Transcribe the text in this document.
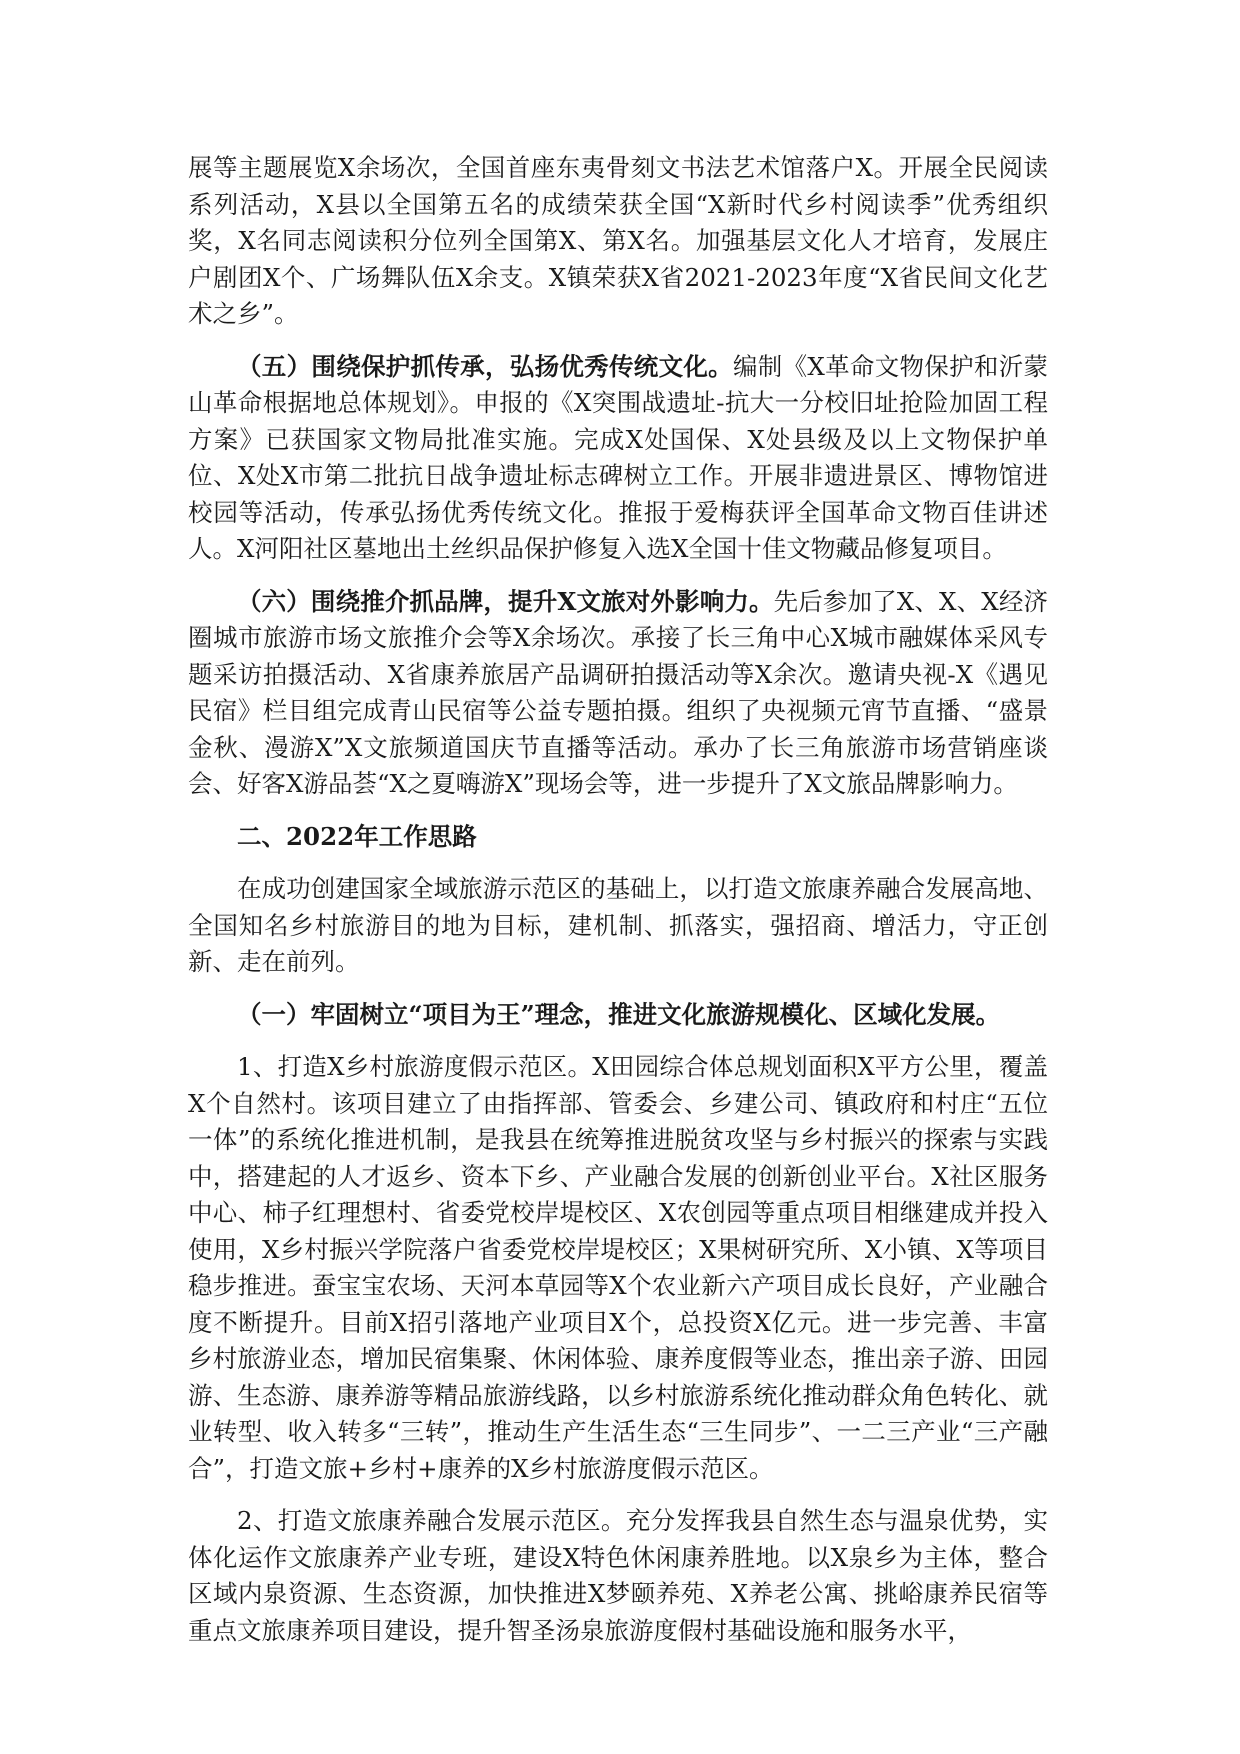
展等主题展览X余场次，全国首座东夷骨刻文书法艺术馆落户X。开展全民阅读系列活动，X县以全国第五名的成绩荣获全国“X新时代乡村阅读季”优秀组织奖，X名同志阅读积分位列全国第X、第X名。加强基层文化人才培育，发展庄户剧团X个、广场舞队伍X余支。X镇荣获X省2021-2023年度“X省民间文化艺术之乡”。

（五）围绕保护抓传承，弘扬优秀传统文化。编制《X革命文物保护和沂蒙山革命根据地总体规划》。申报的《X突围战遗址-抗大一分校旧址抢险加固工程方案》已获国家文物局批准实施。完成X处国保、X处县级及以上文物保护单位、X处X市第二批抗日战争遗址标志碑树立工作。开展非遗进景区、博物馆进校园等活动，传承弘扬优秀传统文化。推报于爱梅获评全国革命文物百佳讲述人。X河阳社区墓地出土丝织品保护修复入选X全国十佳文物藏品修复项目。

（六）围绕推介抓品牌，提升X文旅对外影响力。先后参加了X、X、X经济圈城市旅游市场文旅推介会等X余场次。承接了长三角中心X城市融媒体采风专题采访拍摄活动、X省康养旅居产品调研拍摄活动等X余次。邀请央视-X《遇见民宿》栏目组完成青山民宿等公益专题拍摄。组织了央视频元宵节直播、“盛景金秋、漫游X”X文旅频道国庆节直播等活动。承办了长三角旅游市场营销座谈会、好客X游品荟“X之夏嗨游X”现场会等，进一步提升了X文旅品牌影响力。

二、2022年工作思路

在成功创建国家全域旅游示范区的基础上，以打造文旅康养融合发展高地、全国知名乡村旅游目的地为目标，建机制、抓落实，强招商、增活力，守正创新、走在前列。

（一）牢固树立“项目为王”理念，推进文化旅游规模化、区域化发展。

1、打造X乡村旅游度假示范区。X田园综合体总规划面积X平方公里，覆盖X个自然村。该项目建立了由指挥部、管委会、乡建公司、镇政府和村庄“五位一体”的系统化推进机制，是我县在统筹推进脱贫攻坚与乡村振兴的探索与实践中，搭建起的人才返乡、资本下乡、产业融合发展的创新创业平台。X社区服务中心、柿子红理想村、省委党校岸堤校区、X农创园等重点项目相继建成并投入使用，X乡村振兴学院落户省委党校岸堤校区；X果树研究所、X小镇、X等项目稳步推进。蚕宝宝农场、天河本草园等X个农业新六产项目成长良好，产业融合度不断提升。目前X招引落地产业项目X个，总投资X亿元。进一步完善、丰富乡村旅游业态，增加民宿集聚、休闲体验、康养度假等业态，推出亲子游、田园游、生态游、康养游等精品旅游线路，以乡村旅游系统化推动群众角色转化、就业转型、收入转多“三转”，推动生产生活生态“三生同步”、一二三产业“三产融合”，打造文旅+乡村+康养的X乡村旅游度假示范区。

2、打造文旅康养融合发展示范区。充分发挥我县自然生态与温泉优势，实体化运作文旅康养产业专班，建设X特色休闲康养胜地。以X泉乡为主体，整合区域内泉资源、生态资源，加快推进X梦颐养苑、X养老公寓、挑峪康养民宿等重点文旅康养项目建设，提升智圣汤泉旅游度假村基础设施和服务水平，
